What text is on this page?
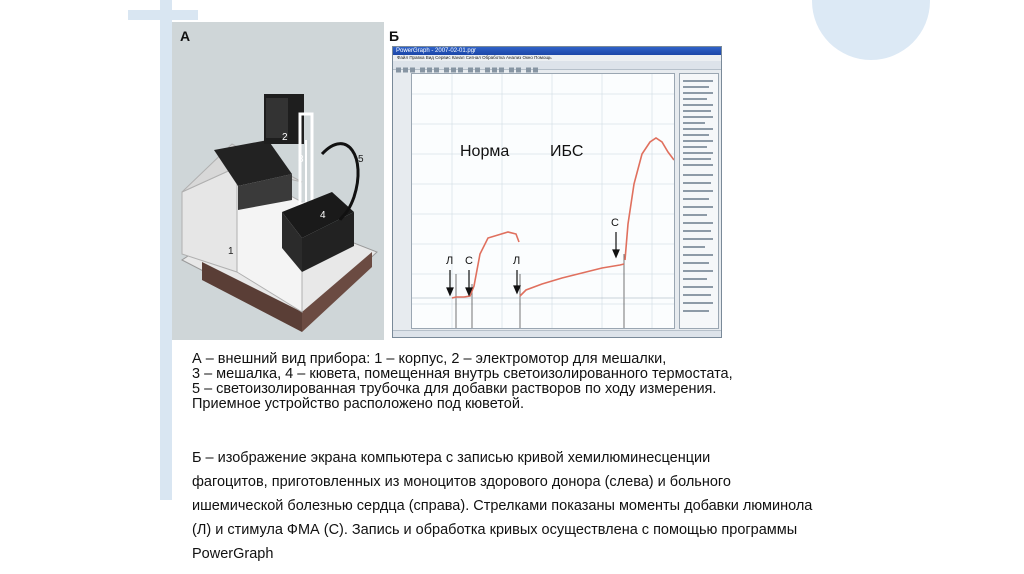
А
2
3
4
5
1
Б
PowerGraph - 2007-02-01.pgr
Файл Правка Вид Сервис Канал Сигнал Обработка Анализ Окно Помощь
Норма	ИБС
Л С	Л
С
А – внешний вид прибора: 1 – корпус, 2 – электромотор для мешалки,
3 – мешалка, 4 – кювета, помещенная внутрь светоизолированного термостата,
5 – светоизолированная трубочка для добавки растворов по ходу измерения.
Приемное устройство расположено под кюветой.
Б – изображение экрана компьютера с записью кривой хемилюминесценции
фагоцитов, приготовленных из моноцитов здорового донора (слева) и больного
ишемической болезнью сердца (справа). Стрелками показаны моменты добавки люминола
(Л) и стимула ФМА (С). Запись и обработка кривых осуществлена с помощью программы
PowerGraph
